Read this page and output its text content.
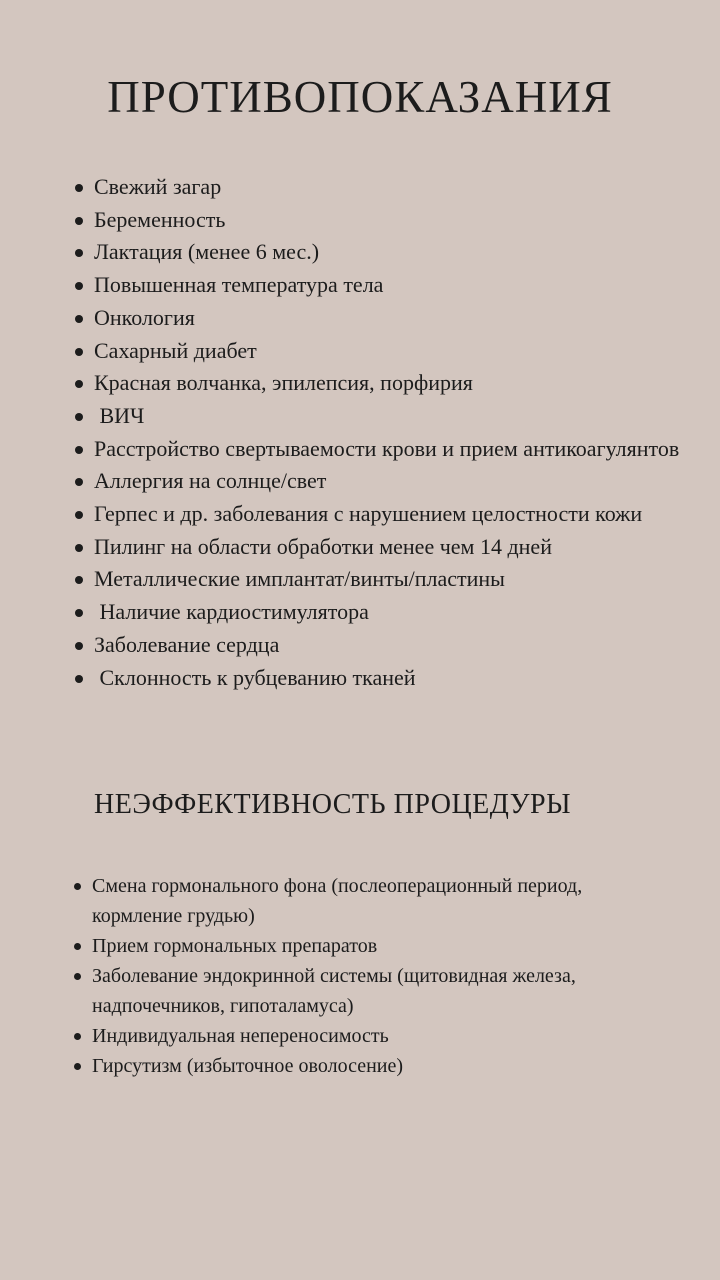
ПРОТИВОПОКАЗАНИЯ
Свежий загар
Беременность
Лактация (менее 6 мес.)
Повышенная температура тела
Онкология
Сахарный диабет
Красная волчанка, эпилепсия, порфирия
ВИЧ
Расстройство свертываемости крови и прием антикоагулянтов
Аллергия на солнце/свет
Герпес и др. заболевания с нарушением целостности кожи
Пилинг на области обработки менее чем 14 дней
Металлические имплантат/винты/пластины
Наличие кардиостимулятора
Заболевание сердца
Склонность к рубцеванию тканей
НЕЭФФЕКТИВНОСТЬ ПРОЦЕДУРЫ
Смена гормонального фона (послеоперационный период, кормление грудью)
Прием гормональных препаратов
Заболевание эндокринной системы (щитовидная железа, надпочечников, гипоталамуса)
Индивидуальная непереносимость
Гирсутизм (избыточное оволосение)
